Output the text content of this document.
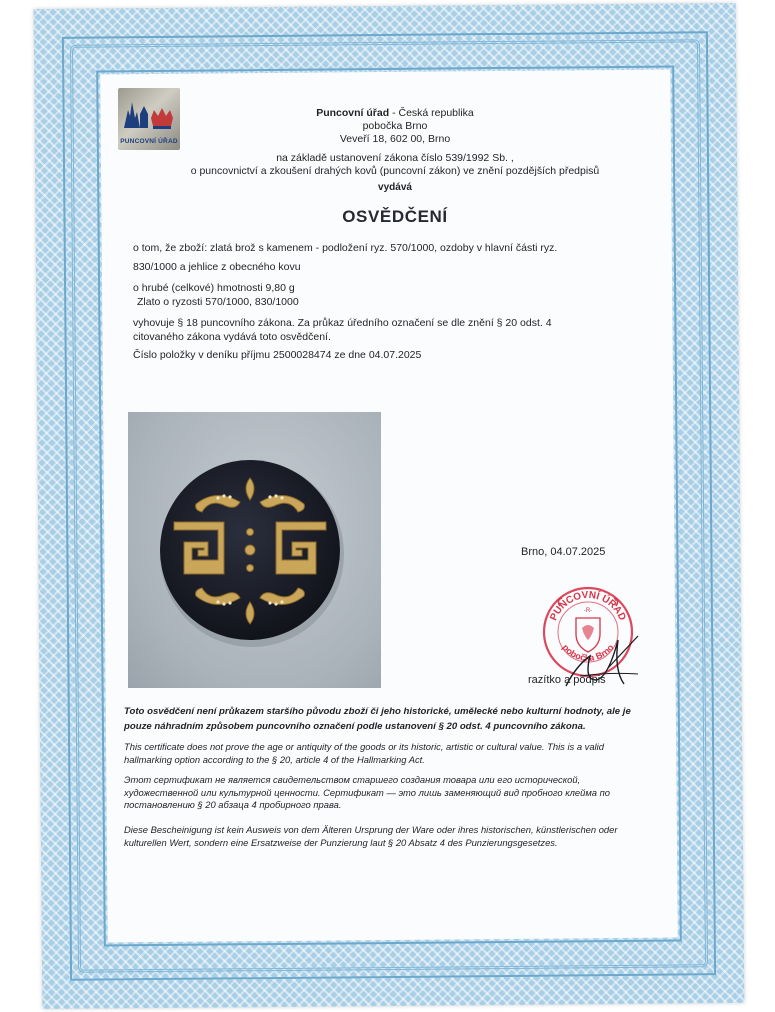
PUNCOVNÍ ÚŘAD
Puncovní úřad - Česká republika
pobočka Brno
Veveří 18, 602 00, Brno
na základě ustanovení zákona číslo 539/1992 Sb. ,
o puncovnictví a zkoušení drahých kovů (puncovní zákon) ve znění pozdějších předpisů
vydává
OSVĚDČENÍ
o tom, že zboží: zlatá brož s kamenem - podložení ryz. 570/1000, ozdoby v hlavní části ryz.
830/1000 a jehlice z obecného kovu
o hrubé (celkové) hmotnosti 9,80 g
Zlato o ryzosti 570/1000, 830/1000
vyhovuje § 18 puncovního zákona. Za průkaz úředního označení se dle znění § 20 odst. 4
citovaného zákona vydává toto osvědčení.
Číslo položky v deníku příjmu 2500028474 ze dne 04.07.2025
Brno, 04.07.2025
PUNCOVNÍ ÚŘAD
pobočka Brno
-R-
razítko a podpis
Toto osvědčení není průkazem staršího původu zboží či jeho historické, umělecké nebo kulturní hodnoty, ale je pouze náhradním způsobem puncovního označení podle ustanovení § 20 odst. 4 puncovního zákona.
This certificate does not prove the age or antiquity of the goods or its historic, artistic or cultural value. This is a valid hallmarking option according to the § 20, article 4 of the Hallmarking Act.
Этот сертификат не является свидетельством старшего создания товара или его исторической, художественной или культурной ценности. Сертификат — это лишь заменяющий вид пробного клейма по постановлению § 20 абзаца 4 пробирного права.
Diese Bescheinigung ist kein Ausweis von dem Älteren Ursprung der Ware oder ihres historischen, künstlerischen oder kulturellen Wert, sondern eine Ersatzweise der Punzierung laut § 20 Absatz 4 des Punzierungsgesetzes.
